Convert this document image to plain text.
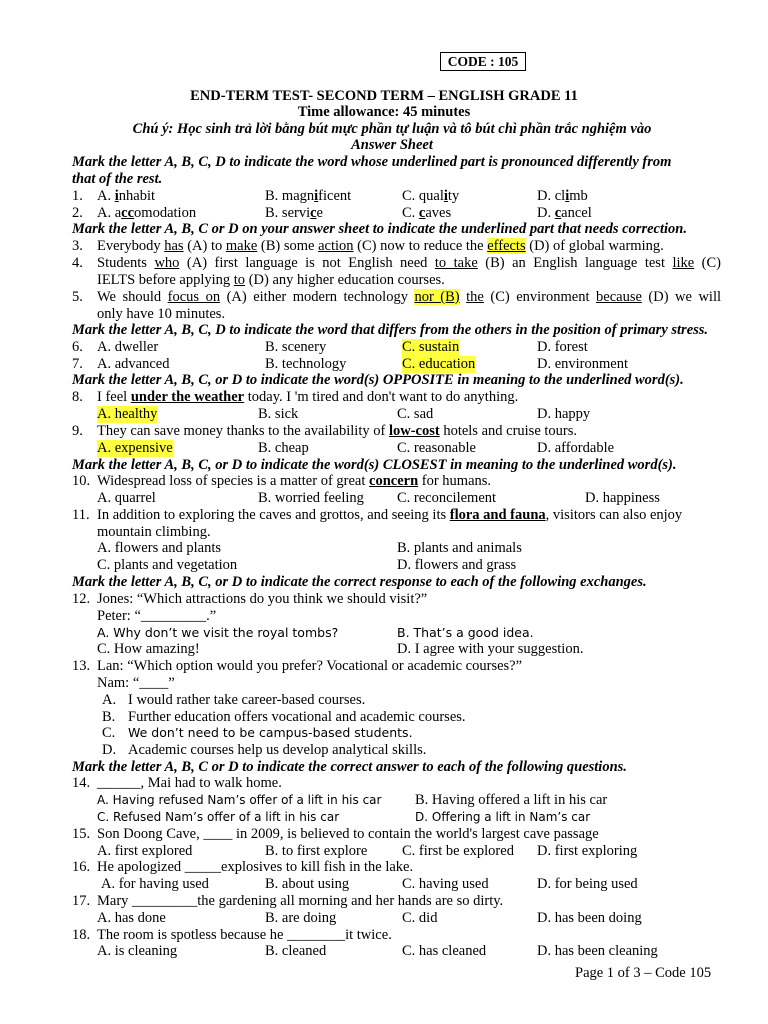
CODE : 105
END-TERM TEST- SECOND TERM – ENGLISH GRADE 11
Time allowance: 45 minutes
Chú ý: Học sinh trả lời bằng bút mực phần tự luận và tô bút chì phần trắc nghiệm vào
Answer Sheet
Mark the letter A, B, C, D to indicate the word whose underlined part is pronounced differently from
that of the rest.
1. A. inhabit	B. magnificent	C. quality	D. climb
2. A. accomodation	B. service	C. caves	D. cancel
Mark the letter A, B, C or D on your answer sheet to indicate the underlined part that needs correction.
3. Everybody has (A) to make (B) some action (C) now to reduce the effects (D) of global warming.
4. Students who (A) first language is not English need to take (B) an English language test like (C)
IELTS before applying to (D) any higher education courses.
5. We should focus on (A) either modern technology nor (B) the (C) environment because (D) we will
only have 10 minutes.
Mark the letter A, B, C, D to indicate the word that differs from the others in the position of primary stress.
6. A. dweller	B. scenery	C. sustain	D. forest
7. A. advanced	B. technology	C. education	D. environment
Mark the letter A, B, C, or D to indicate the word(s) OPPOSITE in meaning to the underlined word(s).
8. I feel under the weather today. I 'm tired and don't want to do anything.
A. healthy	B. sick	C. sad	D. happy
9. They can save money thanks to the availability of low-cost hotels and cruise tours.
A. expensive	B. cheap	C. reasonable	D. affordable
Mark the letter A, B, C, or D to indicate the word(s) CLOSEST in meaning to the underlined word(s).
10. Widespread loss of species is a matter of great concern for humans.
A. quarrel	B. worried feeling C. reconcilement	D. happiness
11. In addition to exploring the caves and grottos, and seeing its flora and fauna, visitors can also enjoy
mountain climbing.
A. flowers and plants	B. plants and animals
C. plants and vegetation	D. flowers and grass
Mark the letter A, B, C, or D to indicate the correct response to each of the following exchanges.
12. Jones: “Which attractions do you think we should visit?”
Peter: “_________.”
A. Why don’t we visit the royal tombs?	B. That’s a good idea.
C. How amazing!	D. I agree with your suggestion.
13. Lan: “Which option would you prefer? Vocational or academic courses?”
Nam: “____”
A. I would rather take career-based courses.
B. Further education offers vocational and academic courses.
C. We don’t need to be campus-based students.
D. Academic courses help us develop analytical skills.
Mark the letter A, B, C or D to indicate the correct answer to each of the following questions.
14. ______, Mai had to walk home.
A. Having refused Nam’s offer of a lift in his car B. Having offered a lift in his car
C. Refused Nam’s offer of a lift in his car	D. Offering a lift in Nam’s car
15. Son Doong Cave, ____ in 2009, is believed to contain the world's largest cave passage
A. first explored	B. to first explore C. first be explored D. first exploring
16. He apologized _____explosives to kill fish in the lake.
A. for having used	B. about using	C. having used	D. for being used
17. Mary _________the gardening all morning and her hands are so dirty.
A. has done	B. are doing	C. did	D. has been doing
18. The room is spotless because he ________it twice.
A. is cleaning	B. cleaned	C. has cleaned	D. has been cleaning
Page 1 of 3 – Code 105
